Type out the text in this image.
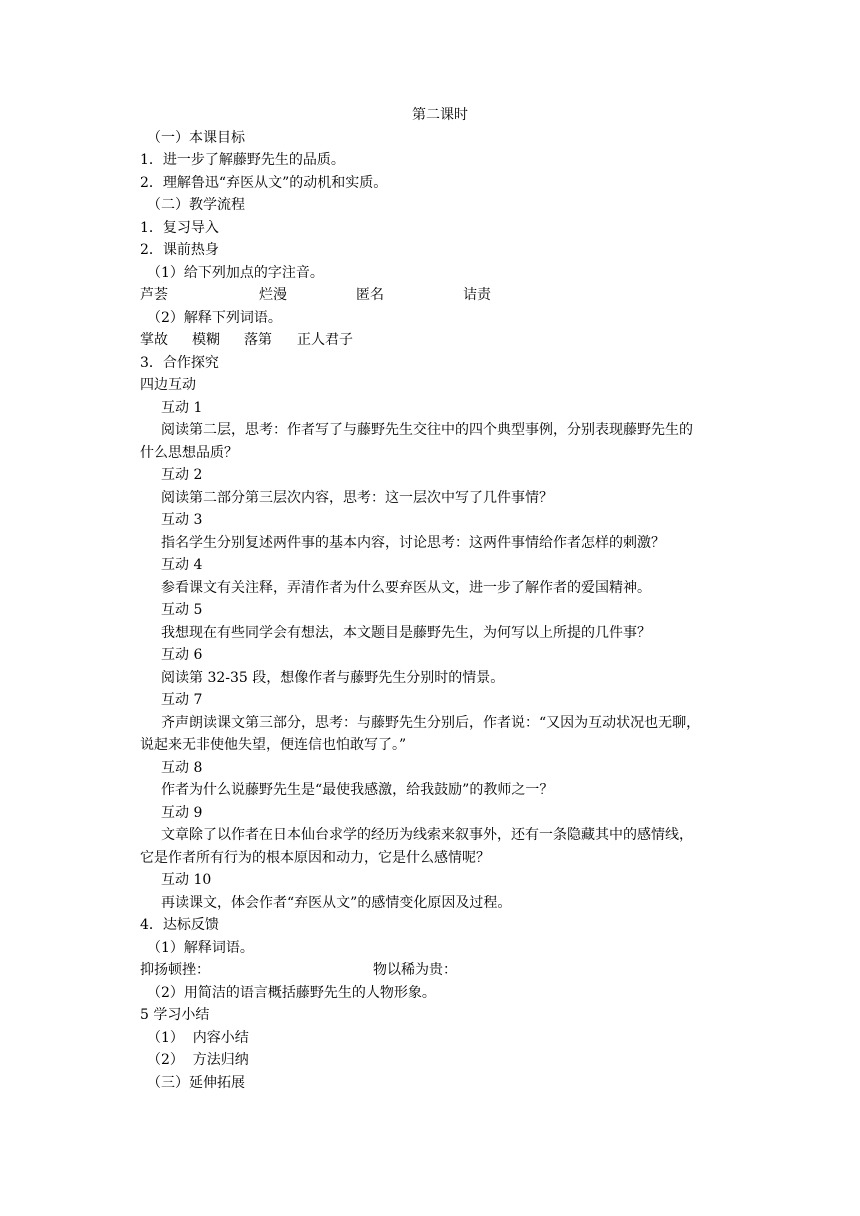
第二课时
（一）本课目标
1．进一步了解藤野先生的品质。
2．理解鲁迅“弃医从文”的动机和实质。
（二）教学流程
1．复习导入
2．课前热身
（1）给下列加点的字注音。
芦荟	烂漫	匿名	诘责
（2）解释下列词语。
掌故 模糊 落第 正人君子
3．合作探究
四边互动
互动 1
阅读第二层，思考：作者写了与藤野先生交往中的四个典型事例，分别表现藤野先生的
什么思想品质？
互动 2
阅读第二部分第三层次内容，思考：这一层次中写了几件事情？
互动 3
指名学生分别复述两件事的基本内容，讨论思考：这两件事情给作者怎样的刺激？
互动 4
参看课文有关注释，弄清作者为什么要弃医从文，进一步了解作者的爱国精神。
互动 5
我想现在有些同学会有想法，本文题目是藤野先生，为何写以上所提的几件事？
互动 6
阅读第 32-35 段，想像作者与藤野先生分别时的情景。
互动 7
齐声朗读课文第三部分，思考：与藤野先生分别后，作者说：“又因为互动状况也无聊，
说起来无非使他失望，便连信也怕敢写了。”
互动 8
作者为什么说藤野先生是“最使我感激，给我鼓励”的教师之一？
互动 9
文章除了以作者在日本仙台求学的经历为线索来叙事外，还有一条隐藏其中的感情线，
它是作者所有行为的根本原因和动力，它是什么感情呢？
互动 10
再读课文，体会作者“弃医从文”的感情变化原因及过程。
4．达标反馈
（1）解释词语。
抑扬顿挫：	物以稀为贵：
（2）用简洁的语言概括藤野先生的人物形象。
5 学习小结
（1）  内容小结
（2）  方法归纳
（三）延伸拓展
